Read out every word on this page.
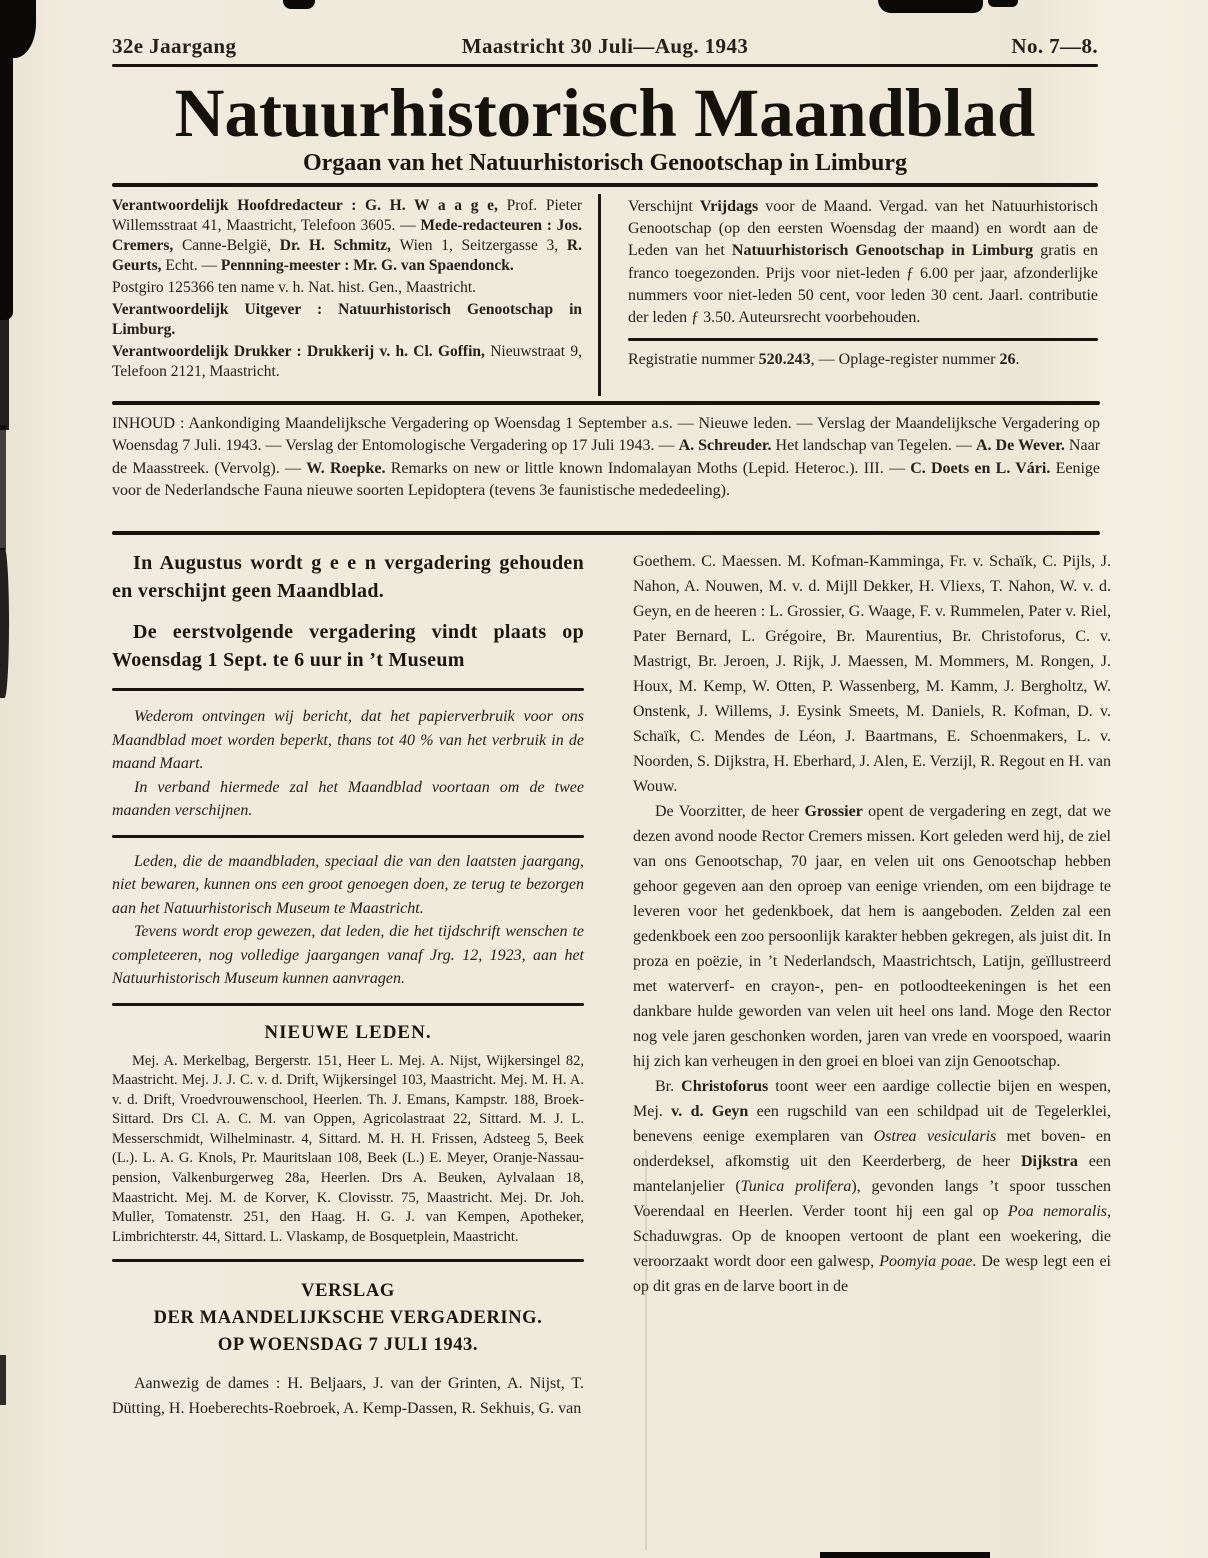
32e Jaargang	Maastricht 30 Juli—Aug. 1943	No. 7—8.
Natuurhistorisch Maandblad
Orgaan van het Natuurhistorisch Genootschap in Limburg

Verantwoordelijk Hoofdredacteur : G. H. W a a g e, Prof. Pieter Willemsstraat 41, Maastricht, Telefoon 3605. — Mede-redacteuren : Jos. Cremers, Canne-België, Dr. H. Schmitz, Wien 1, Seitzergasse 3, R. Geurts, Echt. — Pennning-meester : Mr. G. van Spaendonck.

Postgiro 125366 ten name v. h. Nat. hist. Gen., Maastricht.

Verantwoordelijk Uitgever : Natuurhistorisch Genootschap in Limburg.

Verantwoordelijk Drukker : Drukkerij v. h. Cl. Goffin, Nieuwstraat 9, Telefoon 2121, Maastricht.

Verschijnt Vrijdags voor de Maand. Vergad. van het Natuurhistorisch Genootschap (op den eersten Woensdag der maand) en wordt aan de Leden van het Natuurhistorisch Genootschap in Limburg gratis en franco toegezonden. Prijs voor niet-leden ƒ 6.00 per jaar, afzonderlijke nummers voor niet-leden 50 cent, voor leden 30 cent. Jaarl. contributie der leden ƒ 3.50. Auteursrecht voorbehouden.

Registratie nummer 520.243, — Oplage-register nummer 26.

INHOUD : Aankondiging Maandelijksche Vergadering op Woensdag 1 September a.s. — Nieuwe leden. — Verslag der Maandelijksche Vergadering op Woensdag 7 Juli. 1943. — Verslag der Entomologische Vergadering op 17 Juli 1943. — A. Schreuder. Het landschap van Tegelen. — A. De Wever. Naar de Maasstreek. (Vervolg). — W. Roepke. Remarks on new or little known Indomalayan Moths (Lepid. Heteroc.). III. — C. Doets en L. Vári. Eenige voor de Nederlandsche Fauna nieuwe soorten Lepidoptera (tevens 3e faunistische mededeeling).

In Augustus wordt g e e n vergadering gehouden en verschijnt geen Maandblad.

De eerstvolgende vergadering vindt plaats op Woensdag 1 Sept. te 6 uur in ’t Museum

Wederom ontvingen wij bericht, dat het papierverbruik voor ons Maandblad moet worden beperkt, thans tot 40 % van het verbruik in de maand Maart.

In verband hiermede zal het Maandblad voortaan om de twee maanden verschijnen.

Leden, die de maandbladen, speciaal die van den laatsten jaargang, niet bewaren, kunnen ons een groot genoegen doen, ze terug te bezorgen aan het Natuurhistorisch Museum te Maastricht.

Tevens wordt erop gewezen, dat leden, die het tijdschrift wenschen te completeeren, nog volledige jaargangen vanaf Jrg. 12, 1923, aan het Natuurhistorisch Museum kunnen aanvragen.

NIEUWE LEDEN.

Mej. A. Merkelbag, Bergerstr. 151, Heer L. Mej. A. Nijst, Wijkersingel 82, Maastricht. Mej. J. J. C. v. d. Drift, Wijkersingel 103, Maastricht. Mej. M. H. A. v. d. Drift, Vroedvrouwenschool, Heerlen. Th. J. Emans, Kampstr. 188, Broek-Sittard. Drs Cl. A. C. M. van Oppen, Agricolastraat 22, Sittard. M. J. L. Messerschmidt, Wilhelminastr. 4, Sittard. M. H. H. Frissen, Adsteeg 5, Beek (L.). L. A. G. Knols, Pr. Mauritslaan 108, Beek (L.) E. Meyer, Oranje-Nassau-pension, Valkenburgerweg 28a, Heerlen. Drs A. Beuken, Aylvalaan 18, Maastricht. Mej. M. de Korver, K. Clovisstr. 75, Maastricht. Mej. Dr. Joh. Muller, Tomatenstr. 251, den Haag. H. G. J. van Kempen, Apotheker, Limbrichterstr. 44, Sittard. L. Vlaskamp, de Bosquetplein, Maastricht.

VERSLAG
DER MAANDELIJKSCHE VERGADERING.
OP WOENSDAG 7 JULI 1943.

Aanwezig de dames : H. Beljaars, J. van der Grinten, A. Nijst, T. Dütting, H. Hoeberechts-Roebroek, A. Kemp-Dassen, R. Sekhuis, G. van

Goethem. C. Maessen. M. Kofman-Kamminga, Fr. v. Schaïk, C. Pijls, J. Nahon, A. Nouwen, M. v. d. Mijll Dekker, H. Vliexs, T. Nahon, W. v. d. Geyn, en de heeren : L. Grossier, G. Waage, F. v. Rummelen, Pater v. Riel, Pater Bernard, L. Grégoire, Br. Maurentius, Br. Christoforus, C. v. Mastrigt, Br. Jeroen, J. Rijk, J. Maessen, M. Mommers, M. Rongen, J. Houx, M. Kemp, W. Otten, P. Wassenberg, M. Kamm, J. Bergholtz, W. Onstenk, J. Willems, J. Eysink Smeets, M. Daniels, R. Kofman, D. v. Schaïk, C. Mendes de Léon, J. Baartmans, E. Schoenmakers, L. v. Noorden, S. Dijkstra, H. Eberhard, J. Alen, E. Verzijl, R. Regout en H. van Wouw.

De Voorzitter, de heer Grossier opent de vergadering en zegt, dat we dezen avond noode Rector Cremers missen. Kort geleden werd hij, de ziel van ons Genootschap, 70 jaar, en velen uit ons Genootschap hebben gehoor gegeven aan den oproep van eenige vrienden, om een bijdrage te leveren voor het gedenkboek, dat hem is aangeboden. Zelden zal een gedenkboek een zoo persoonlijk karakter hebben gekregen, als juist dit. In proza en poëzie, in ’t Nederlandsch, Maastrichtsch, Latijn, geïllustreerd met waterverf- en crayon-, pen- en potloodteekeningen is het een dankbare hulde geworden van velen uit heel ons land. Moge den Rector nog vele jaren geschonken worden, jaren van vrede en voorspoed, waarin hij zich kan verheugen in den groei en bloei van zijn Genootschap.

Br. Christoforus toont weer een aardige collectie bijen en wespen, Mej. v. d. Geyn een rugschild van een schildpad uit de Tegelerklei, benevens eenige exemplaren van Ostrea vesicularis met boven- en onderdeksel, afkomstig uit den Keerderberg, de heer Dijkstra een mantelanjelier (Tunica prolifera), gevonden langs ’t spoor tusschen Voerendaal en Heerlen. Verder toont hij een gal op Poa nemoralis, Schaduwgras. Op de knoopen vertoont de plant een woekering, die veroorzaakt wordt door een galwesp, Poomyia poae. De wesp legt een ei op dit gras en de larve boort in de
